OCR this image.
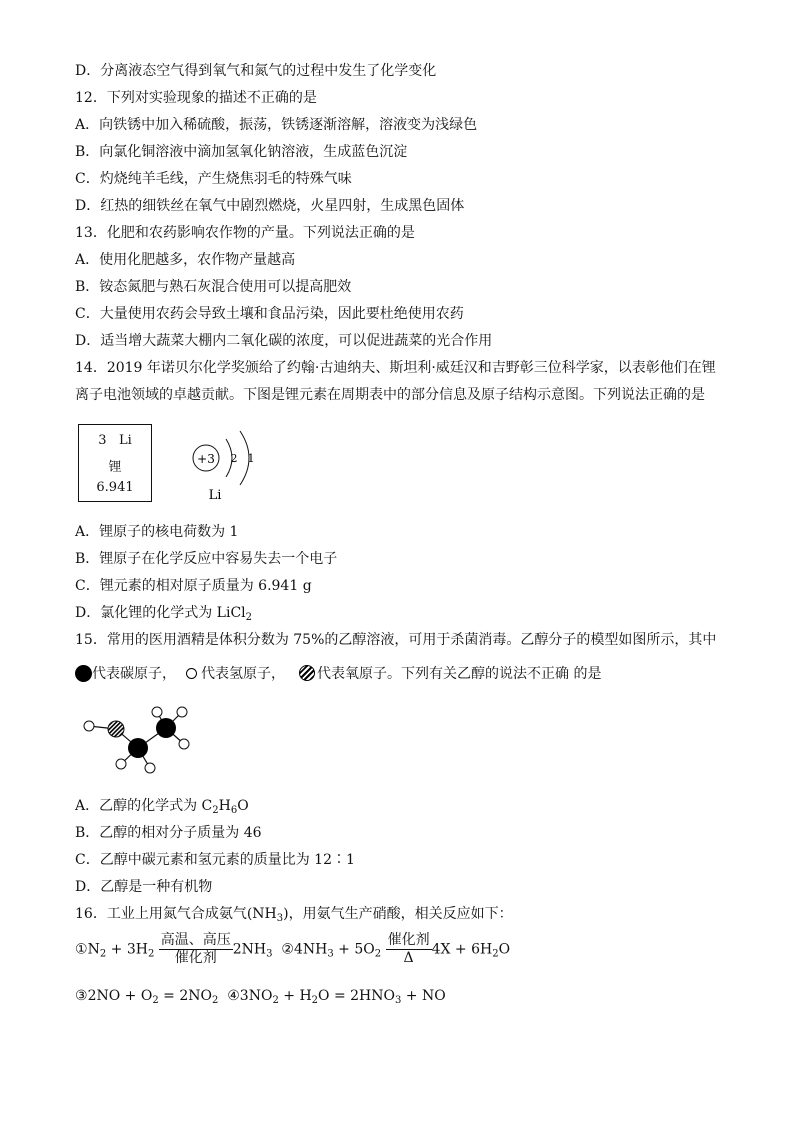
D．分离液态空气得到氧气和氮气的过程中发生了化学变化
12．下列对实验现象的描述不正确的是
A．向铁锈中加入稀硫酸，振荡，铁锈逐渐溶解，溶液变为浅绿色
B．向氯化铜溶液中滴加氢氧化钠溶液，生成蓝色沉淀
C．灼烧纯羊毛线，产生烧焦羽毛的特殊气味
D．红热的细铁丝在氧气中剧烈燃烧，火星四射，生成黑色固体
13．化肥和农药影响农作物的产量。下列说法正确的是
A．使用化肥越多，农作物产量越高
B．铵态氮肥与熟石灰混合使用可以提高肥效
C．大量使用农药会导致土壤和食品污染，因此要杜绝使用农药
D．适当增大蔬菜大棚内二氧化碳的浓度，可以促进蔬菜的光合作用
14．2019 年诺贝尔化学奖颁给了约翰·古迪纳夫、斯坦利·威廷汉和吉野彰三位科学家，以表彰他们在锂离子电池领域的卓越贡献。下图是锂元素在周期表中的部分信息及原子结构示意图。下列说法正确的是
3 Li
锂
6.941
+3 2 1
Li
A．锂原子的核电荷数为 1
B．锂原子在化学反应中容易失去一个电子
C．锂元素的相对原子质量为 6.941 g
D．氯化锂的化学式为 LiCl$_2$
15．常用的医用酒精是体积分数为 75%的乙醇溶液，可用于杀菌消毒。乙醇分子的模型如图所示，其中
代表碳原子， 代表氢原子， 代表氧原子。下列有关乙醇的说法不正确 的是
A．乙醇的化学式为 $C_2H_6O$
B．乙醇的相对分子质量为 46
C．乙醇中碳元素和氢元素的质量比为 12∶1
D．乙醇是一种有机物
16．工业上用氮气合成氨气$(NH_3)$，用氨气生产硝酸，相关反应如下：
$①N_2 + 3H_2 \frac{\text{高温、高压}}{\text{催化剂}} 2NH_3$ $②4NH_3 + 5O_2 \frac{\text{催化剂}}{\Delta} 4X + 6H_2O$
③2NO + $O_2 = 2NO_2$ $④3NO_2 + H_2O = 2HNO_3$ + NO
